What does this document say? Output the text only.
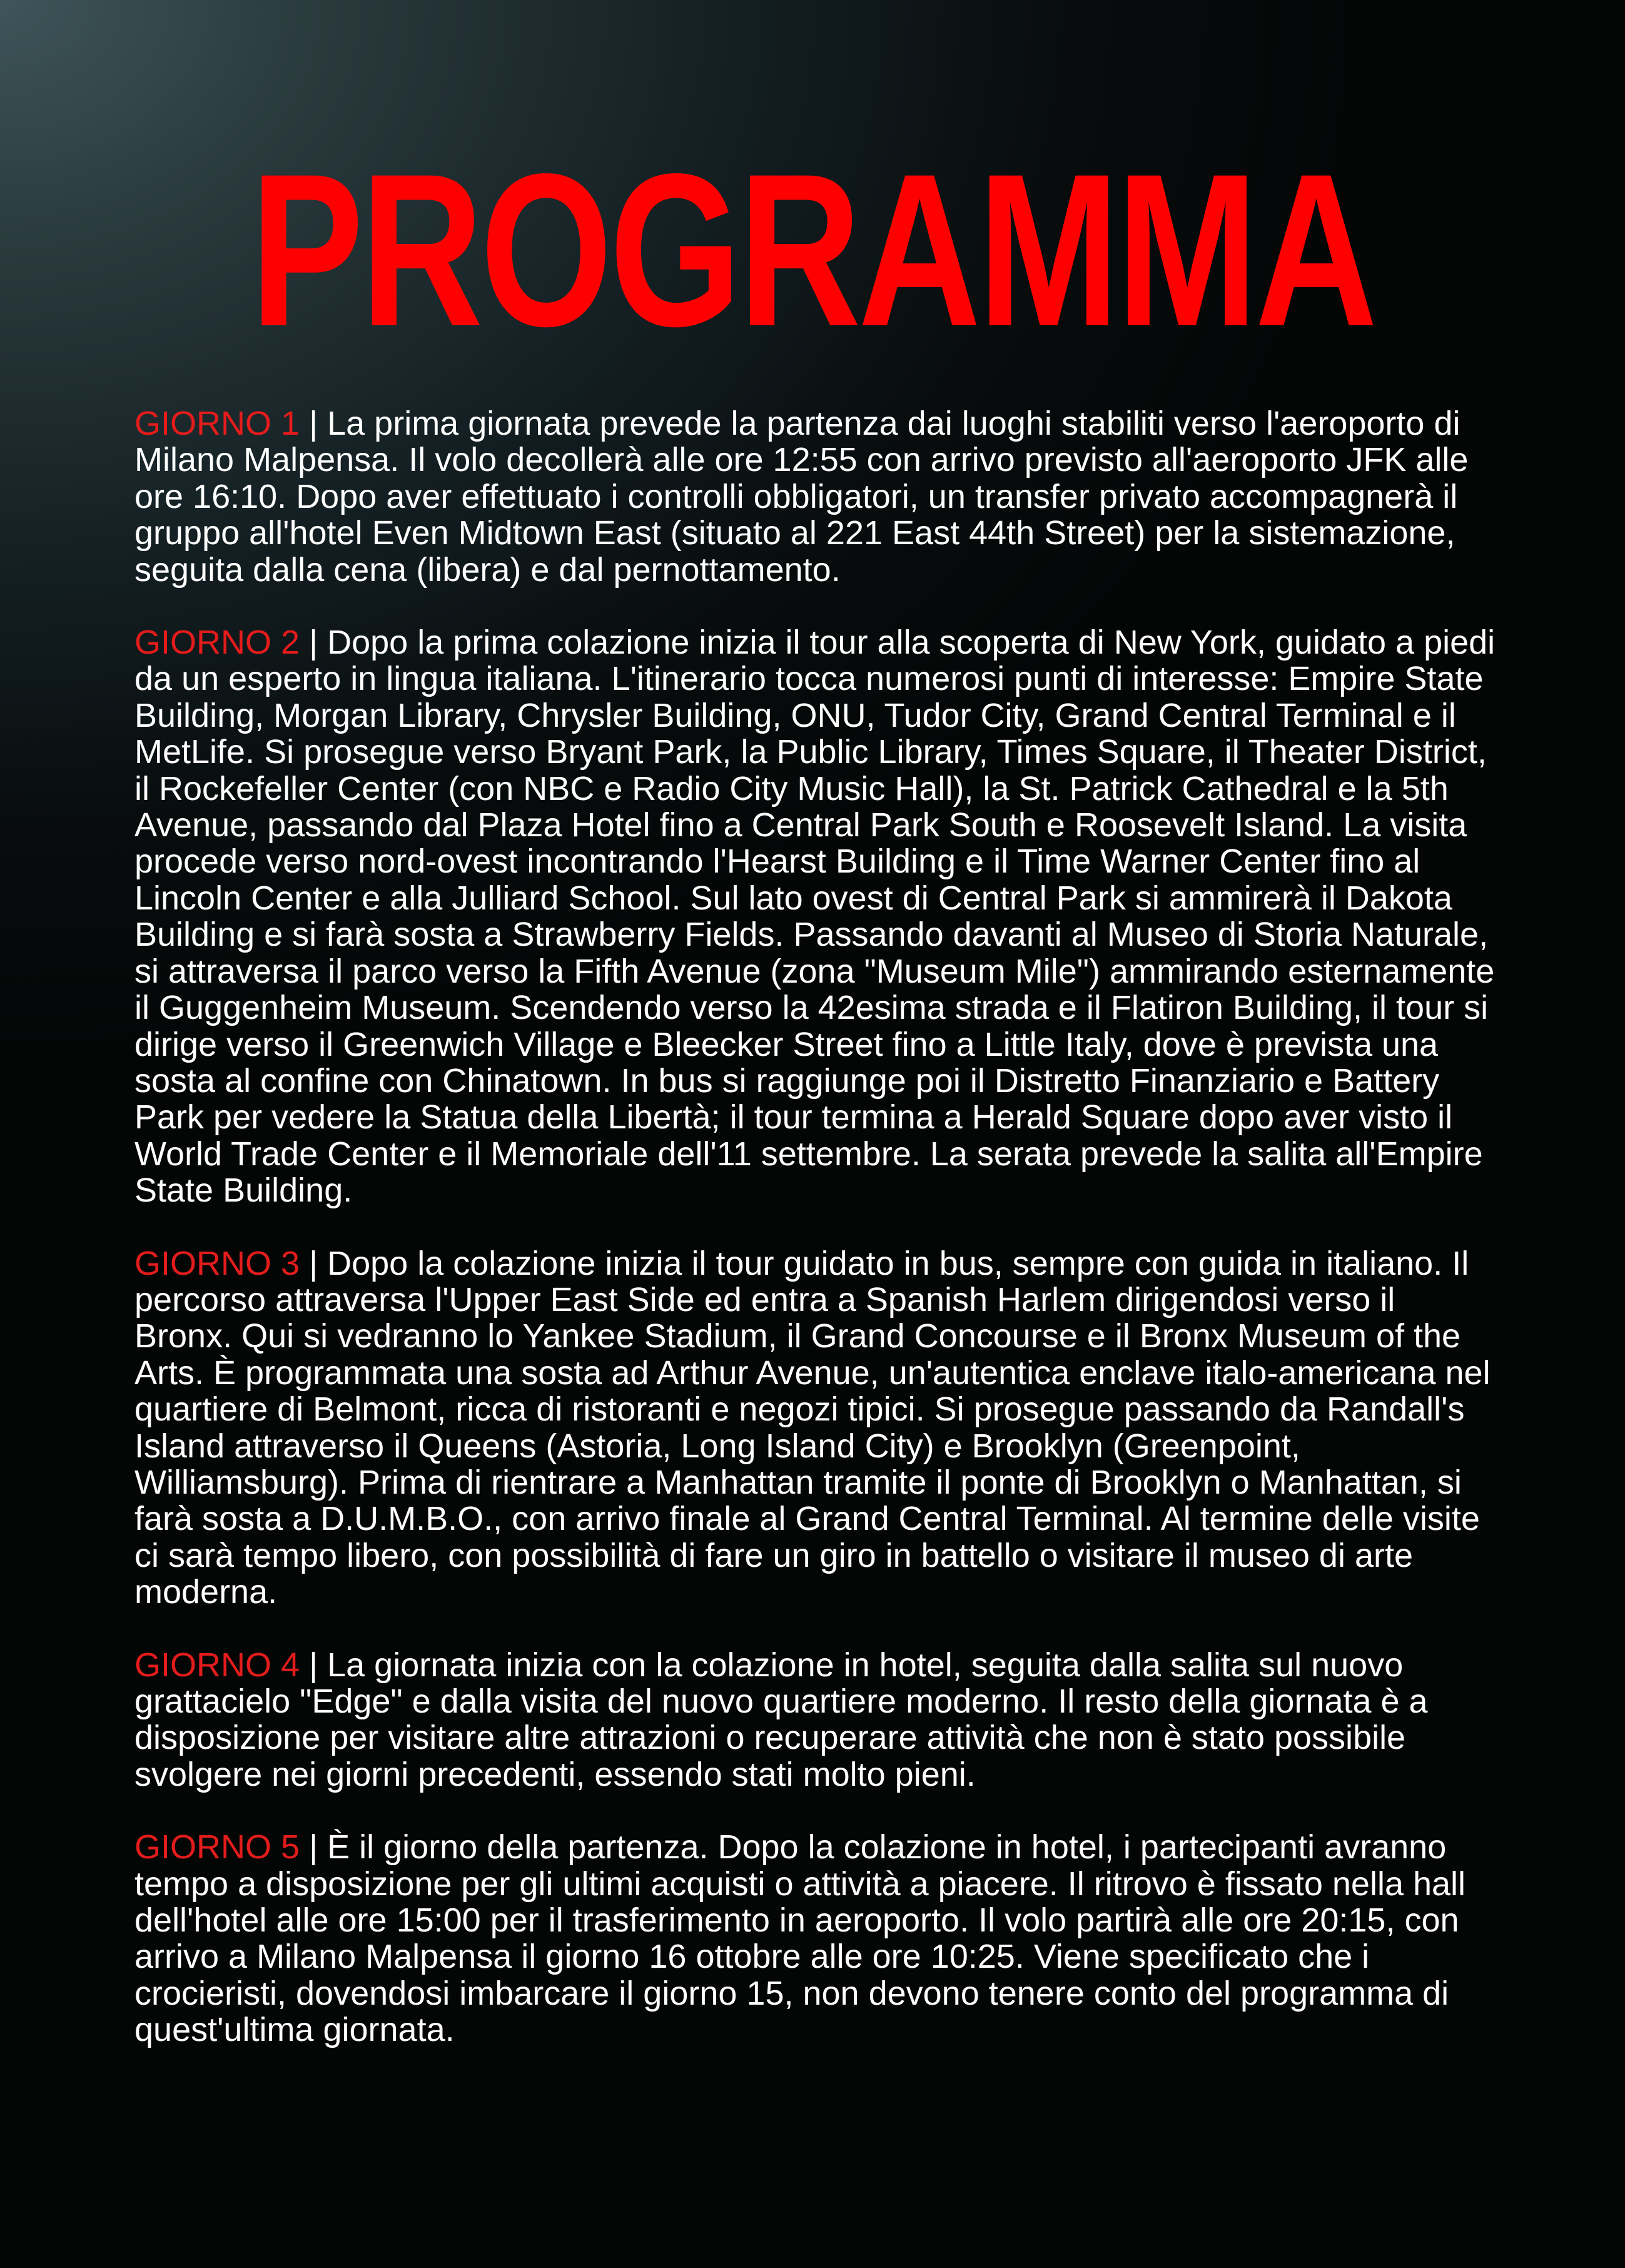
PROGRAMMA

GIORNO 1 | La prima giornata prevede la partenza dai luoghi stabiliti verso l'aeroporto di Milano Malpensa. Il volo decollerà alle ore 12:55 con arrivo previsto all'aeroporto JFK alle ore 16:10. Dopo aver effettuato i controlli obbligatori, un transfer privato accompagnerà il gruppo all'hotel Even Midtown East (situato al 221 East 44th Street) per la sistemazione, seguita dalla cena (libera) e dal pernottamento.

GIORNO 2 | Dopo la prima colazione inizia il tour alla scoperta di New York, guidato a piedi da un esperto in lingua italiana. L'itinerario tocca numerosi punti di interesse: Empire State Building, Morgan Library, Chrysler Building, ONU, Tudor City, Grand Central Terminal e il MetLife. Si prosegue verso Bryant Park, la Public Library, Times Square, il Theater District, il Rockefeller Center (con NBC e Radio City Music Hall), la St. Patrick Cathedral e la 5th Avenue, passando dal Plaza Hotel fino a Central Park South e Roosevelt Island. La visita procede verso nord-ovest incontrando l'Hearst Building e il Time Warner Center fino al Lincoln Center e alla Julliard School. Sul lato ovest di Central Park si ammirerà il Dakota Building e si farà sosta a Strawberry Fields. Passando davanti al Museo di Storia Naturale, si attraversa il parco verso la Fifth Avenue (zona "Museum Mile") ammirando esternamente il Guggenheim Museum. Scendendo verso la 42esima strada e il Flatiron Building, il tour si dirige verso il Greenwich Village e Bleecker Street fino a Little Italy, dove è prevista una sosta al confine con Chinatown. In bus si raggiunge poi il Distretto Finanziario e Battery Park per vedere la Statua della Libertà; il tour termina a Herald Square dopo aver visto il World Trade Center e il Memoriale dell'11 settembre. La serata prevede la salita all'Empire State Building.

GIORNO 3 | Dopo la colazione inizia il tour guidato in bus, sempre con guida in italiano. Il percorso attraversa l'Upper East Side ed entra a Spanish Harlem dirigendosi verso il Bronx. Qui si vedranno lo Yankee Stadium, il Grand Concourse e il Bronx Museum of the Arts. È programmata una sosta ad Arthur Avenue, un'autentica enclave italo-americana nel quartiere di Belmont, ricca di ristoranti e negozi tipici. Si prosegue passando da Randall's Island attraverso il Queens (Astoria, Long Island City) e Brooklyn (Greenpoint, Williamsburg). Prima di rientrare a Manhattan tramite il ponte di Brooklyn o Manhattan, si farà sosta a D.U.M.B.O., con arrivo finale al Grand Central Terminal. Al termine delle visite ci sarà tempo libero, con possibilità di fare un giro in battello o visitare il museo di arte moderna.

GIORNO 4 | La giornata inizia con la colazione in hotel, seguita dalla salita sul nuovo grattacielo "Edge" e dalla visita del nuovo quartiere moderno. Il resto della giornata è a disposizione per visitare altre attrazioni o recuperare attività che non è stato possibile svolgere nei giorni precedenti, essendo stati molto pieni.

GIORNO 5 | È il giorno della partenza. Dopo la colazione in hotel, i partecipanti avranno tempo a disposizione per gli ultimi acquisti o attività a piacere. Il ritrovo è fissato nella hall dell'hotel alle ore 15:00 per il trasferimento in aeroporto. Il volo partirà alle ore 20:15, con arrivo a Milano Malpensa il giorno 16 ottobre alle ore 10:25. Viene specificato che i crocieristi, dovendosi imbarcare il giorno 15, non devono tenere conto del programma di quest'ultima giornata.
